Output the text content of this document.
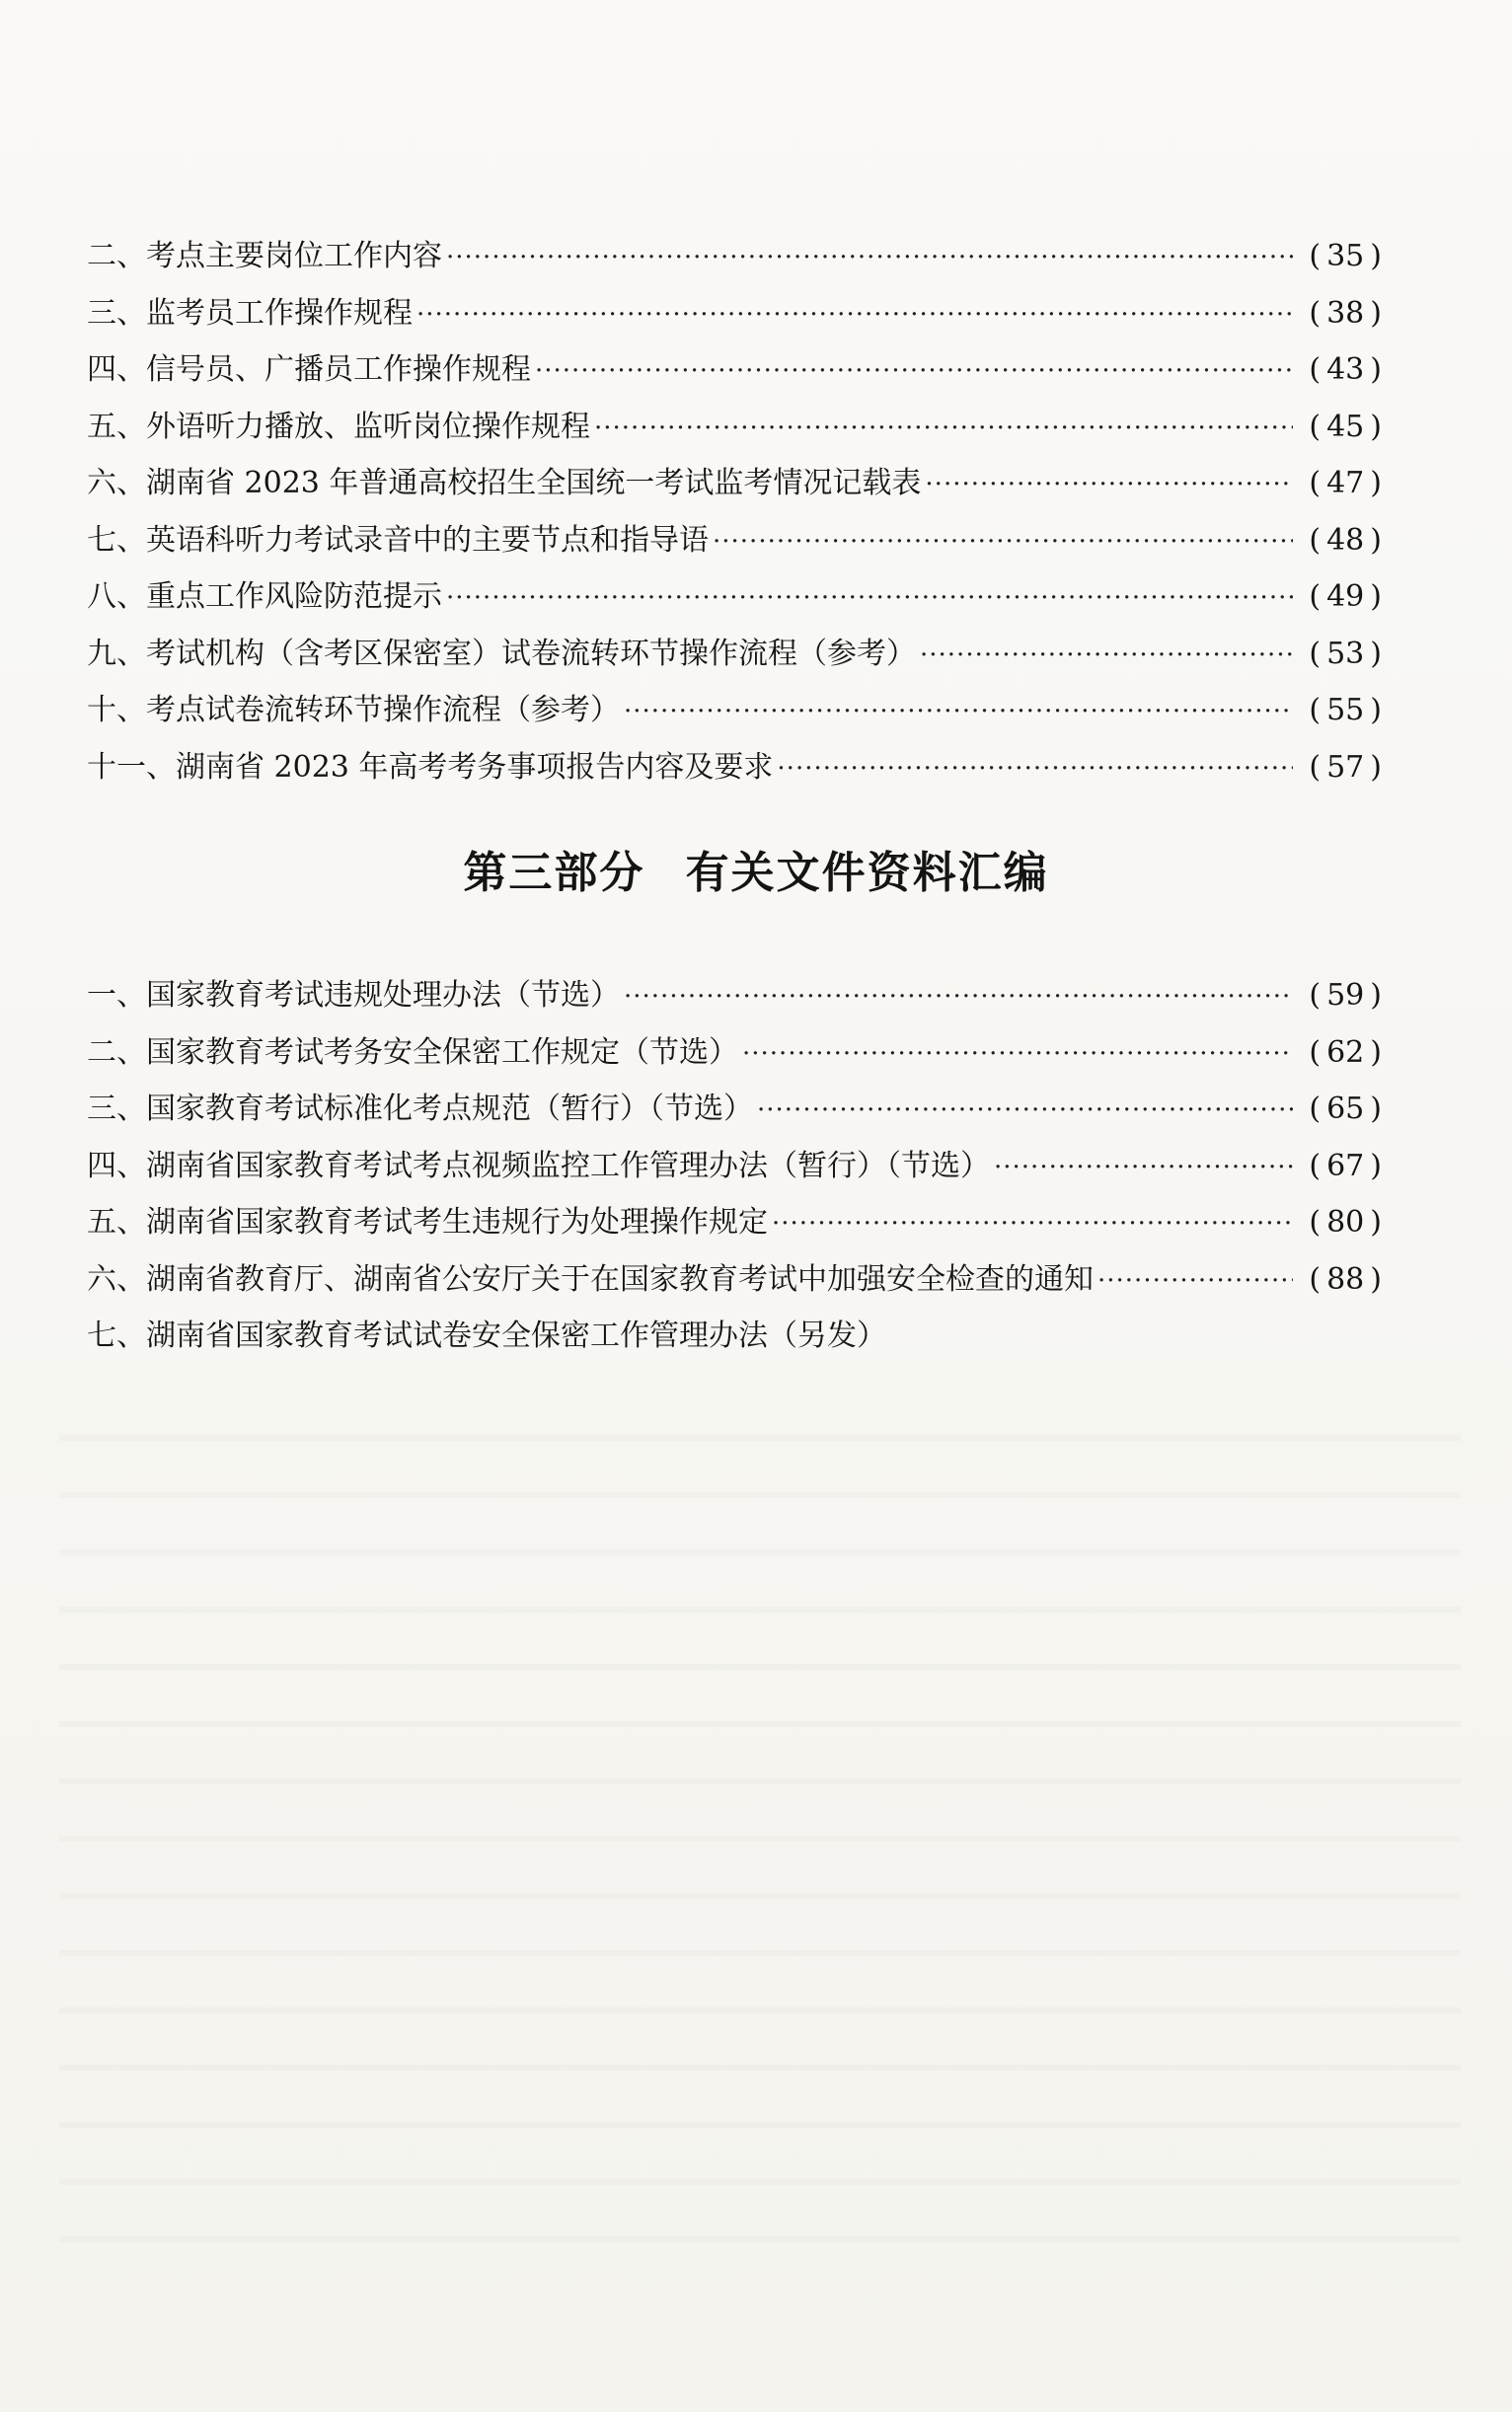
二、考点主要岗位工作内容 ·····	( 35 )
三、监考员工作操作规程 ·····	( 38 )
四、信号员、广播员工作操作规程 ·····	( 43 )
五、外语听力播放、监听岗位操作规程 ·····	( 45 )
六、湖南省 2023 年普通高校招生全国统一考试监考情况记载表 ·····	( 47 )
七、英语科听力考试录音中的主要节点和指导语 ·····	( 48 )
八、重点工作风险防范提示 ·····	( 49 )
九、考试机构（含考区保密室）试卷流转环节操作流程（参考） ·····	( 53 )
十、考点试卷流转环节操作流程（参考） ·····	( 55 )
十一、湖南省 2023 年高考考务事项报告内容及要求 ·····	( 57 )
第三部分 有关文件资料汇编
一、国家教育考试违规处理办法（节选） ·····	( 59 )
二、国家教育考试考务安全保密工作规定（节选） ·····	( 62 )
三、国家教育考试标准化考点规范（暂行）（节选） ·····	( 65 )
四、湖南省国家教育考试考点视频监控工作管理办法（暂行）（节选） ·····	( 67 )
五、湖南省国家教育考试考生违规行为处理操作规定 ·····	( 80 )
六、湖南省教育厅、湖南省公安厅关于在国家教育考试中加强安全检查的通知 ·····	( 88 )
七、湖南省国家教育考试试卷安全保密工作管理办法（另发）
